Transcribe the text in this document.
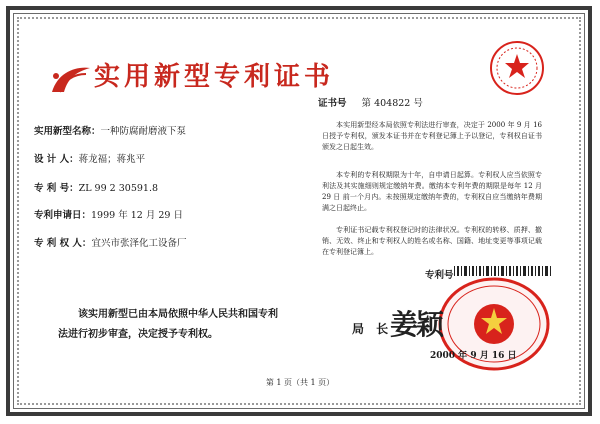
实用新型专利证书
证书号 第 404822 号
实用新型名称：一种防腐耐磨液下泵
设 计 人：蒋龙福；蒋兆平
专 利 号：ZL 99 2 30591.8
专利申请日：1999 年 12 月 29 日
专 利 权 人：宜兴市张泽化工设备厂

本实用新型经本局依照专利法进行审查，决定于 2000 年 9 月 16 日授予专利权，颁发本证书并在专利登记簿上予以登记，专利权自证书颁发之日起生效。

本专利的专利权期限为十年，自申请日起算。专利权人应当依照专利法及其实施细则规定缴纳年费。缴纳本专利年费的期限是每年 12 月 29 日 前一个月内。未按照规定缴纳年费的，专利权自应当缴纳年费期满之日起终止。

专利证书记载专利权登记时的法律状况。专利权的转移、质押、撤销、无效、终止和专利权人的姓名或名称、国籍、地址变更等事项记载在专利登记簿上。

该实用新型已由本局依照中华人民共和国专利法进行初步审查，决定授予专利权。
专利号
局 长
姜颖
2000 年 9 月 16 日
第 1 页（共 1 页）
